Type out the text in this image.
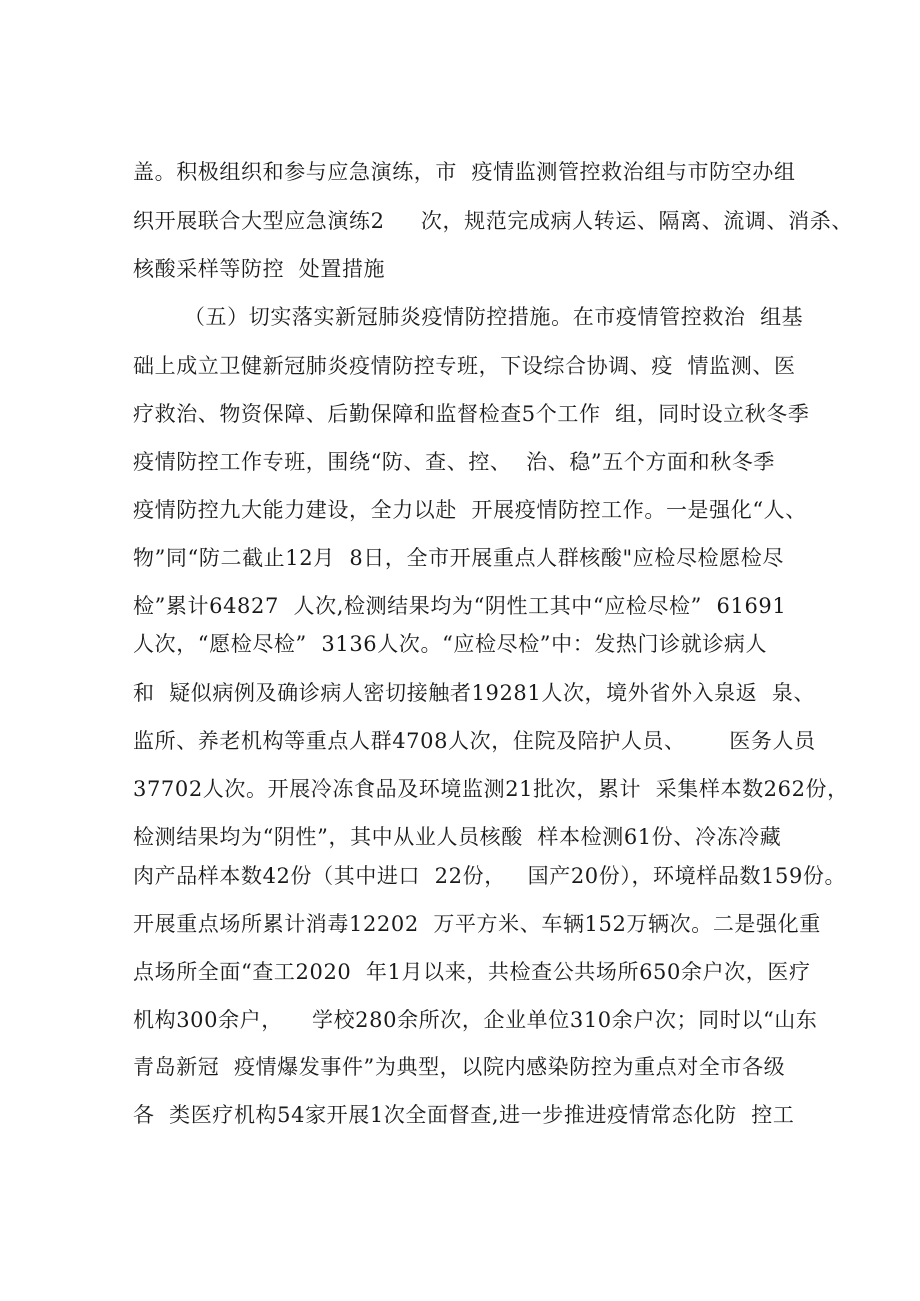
盖。积极组织和参与应急演练，市  疫情监测管控救治组与市防空办组
织开展联合大型应急演练2     次，规范完成病人转运、隔离、流调、消杀、
核酸采样等防控  处置措施
（五）切实落实新冠肺炎疫情防控措施。在市疫情管控救治  组基
础上成立卫健新冠肺炎疫情防控专班，下设综合协调、疫  情监测、医
疗救治、物资保障、后勤保障和监督检查5个工作  组，同时设立秋冬季
疫情防控工作专班，围绕“防、查、控、  治、稳”五个方面和秋冬季
疫情防控九大能力建设，全力以赴  开展疫情防控工作。一是强化“人、
物”同“防二截止12月  8日，全市开展重点人群核酸"应检尽检愿检尽
检”累计64827  人次,检测结果均为“阴性工其中“应检尽检”  61691
人次，“愿检尽检”  3136人次。“应检尽检”中：发热门诊就诊病人
和  疑似病例及确诊病人密切接触者19281人次，境外省外入泉返  泉、
监所、养老机构等重点人群4708人次，住院及陪护人员、      医务人员
37702人次。开展冷冻食品及环境监测21批次，累计  采集样本数262份，
检测结果均为“阴性”，其中从业人员核酸  样本检测61份、冷冻冷藏
肉产品样本数42份（其中进口  22份，   国产20份），环境样品数159份。
开展重点场所累计消毒12202  万平方米、车辆152万辆次。二是强化重
点场所全面“查工2020  年1月以来，共检查公共场所650余户次，医疗
机构300余户，    学校280余所次，企业单位310余户次；同时以“山东
青岛新冠  疫情爆发事件”为典型，以院内感染防控为重点对全市各级
各  类医疗机构54家开展1次全面督查,进一步推进疫情常态化防  控工
